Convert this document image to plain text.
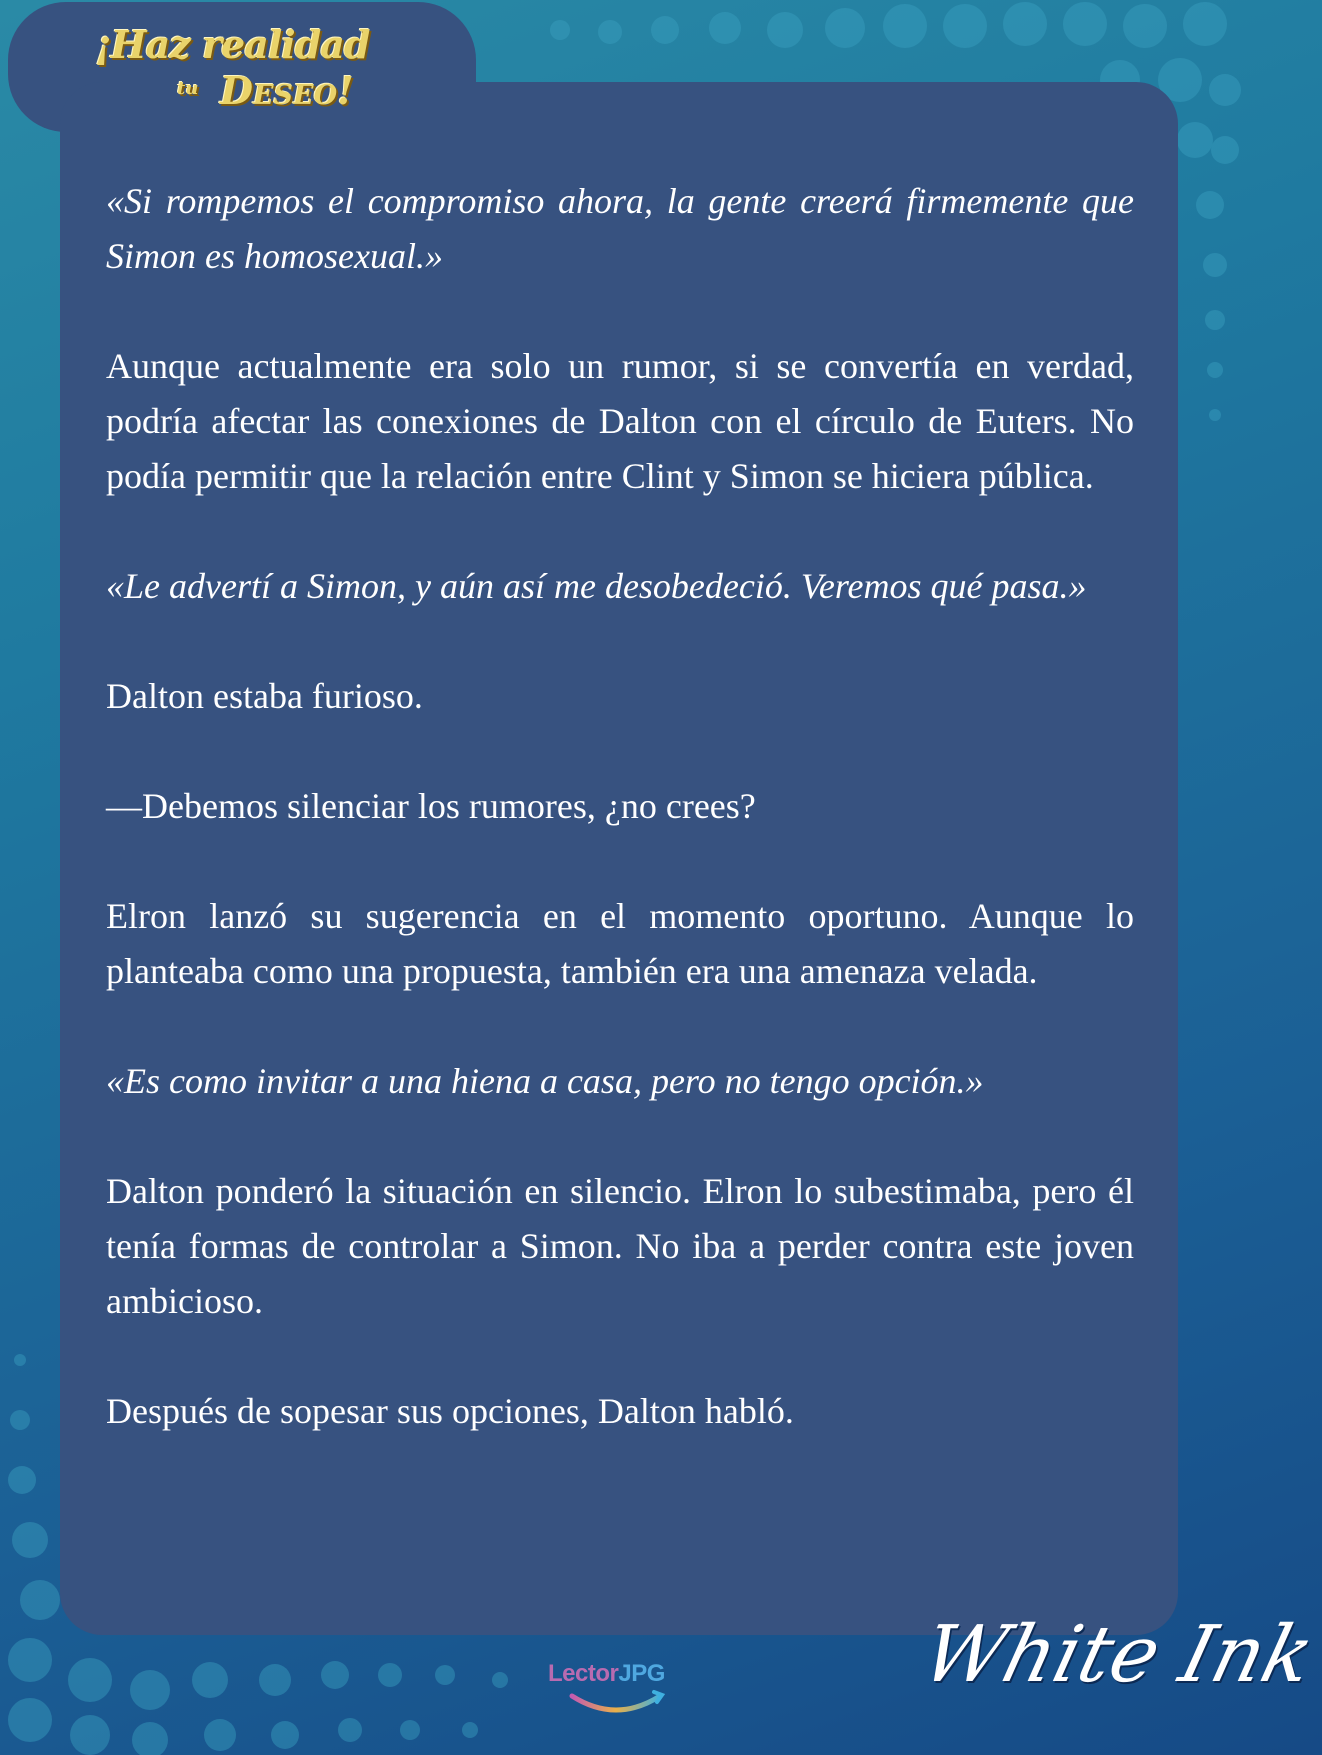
¡Haz realidad
tu Deseo!

«Si rompemos el compromiso ahora, la gente creerá firmemente que Simon es homosexual.»

Aunque actualmente era solo un rumor, si se convertía en verdad, podría afectar las conexiones de Dalton con el círculo de Euters. No podía permitir que la relación entre Clint y Simon se hiciera pública.

«Le advertí a Simon, y aún así me desobedeció. Veremos qué pasa.»

Dalton estaba furioso.

—Debemos silenciar los rumores, ¿no crees?

Elron lanzó su sugerencia en el momento oportuno. Aunque lo planteaba como una propuesta, también era una amenaza velada.

«Es como invitar a una hiena a casa, pero no tengo opción.»

Dalton ponderó la situación en silencio. Elron lo subestimaba, pero él tenía formas de controlar a Simon. No iba a perder contra este joven ambicioso.

Después de sopesar sus opciones, Dalton habló.

LectorJPG	White Ink
